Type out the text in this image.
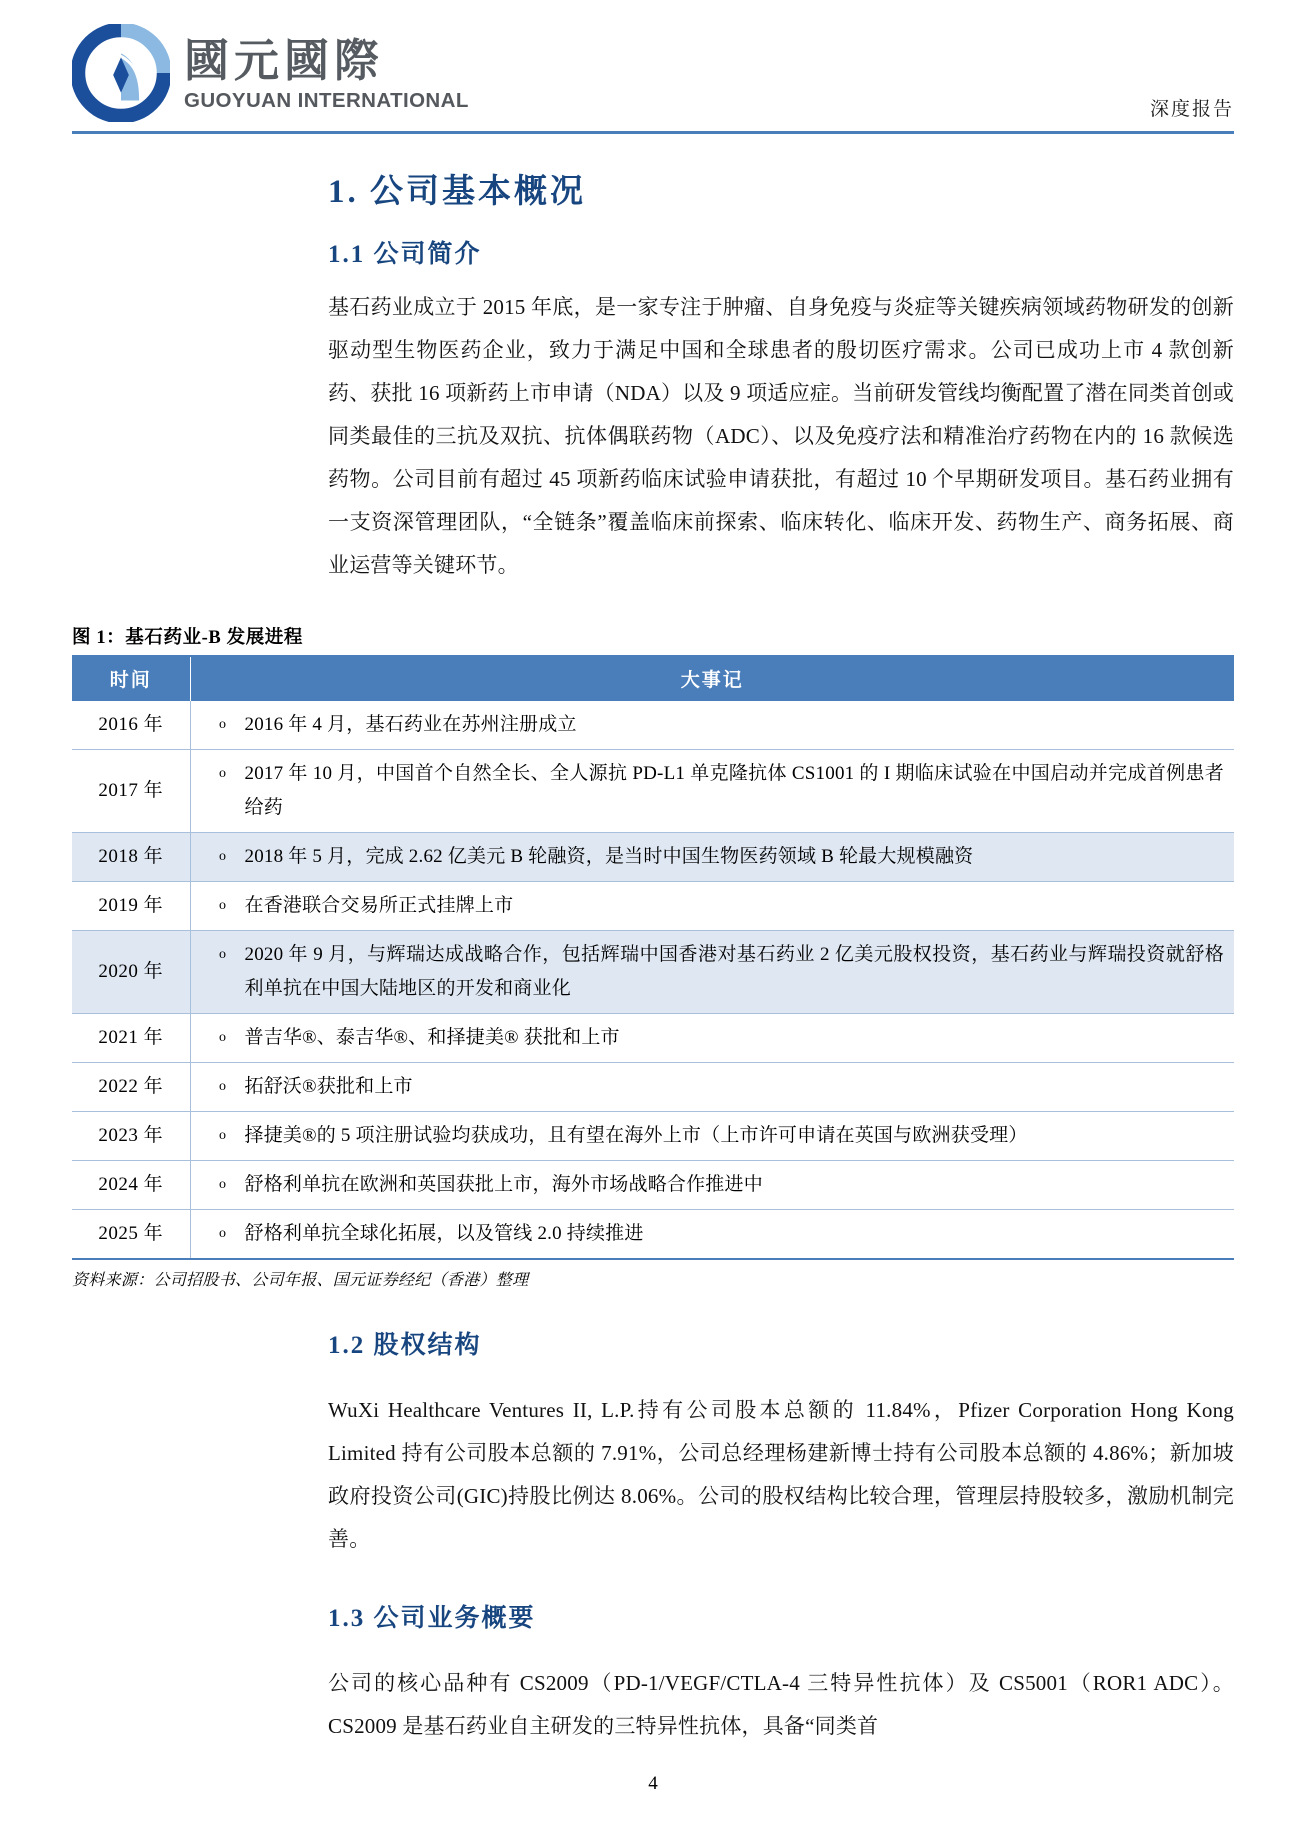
國元國際
GUOYUAN INTERNATIONAL	深度报告
1. 公司基本概况
1.1 公司简介

基石药业成立于 2015 年底，是一家专注于肿瘤、自身免疫与炎症等关键疾病领域药物研发的创新驱动型生物医药企业，致力于满足中国和全球患者的殷切医疗需求。公司已成功上市 4 款创新药、获批 16 项新药上市申请（NDA）以及 9 项适应症。当前研发管线均衡配置了潜在同类首创或同类最佳的三抗及双抗、抗体偶联药物（ADC）、以及免疫疗法和精准治疗药物在内的 16 款候选药物。公司目前有超过 45 项新药临床试验申请获批，有超过 10 个早期研发项目。基石药业拥有一支资深管理团队，“全链条”覆盖临床前探索、临床转化、临床开发、药物生产、商务拓展、商业运营等关键环节。

图 1：基石药业-B 发展进程
时间	大事记
2016 年	o 2016 年 4 月，基石药业在苏州注册成立

2017 年	o 2017 年 10 月，中国首个自然全长、全人源抗 PD-L1 单克隆抗体 CS1001 的 I 期临床试验在中国启动并完成首例患者给药

2018 年	o 2018 年 5 月，完成 2.62 亿美元 B 轮融资，是当时中国生物医药领域 B 轮最大规模融资

2019 年	o 在香港联合交易所正式挂牌上市

2020 年	o 2020 年 9 月，与辉瑞达成战略合作，包括辉瑞中国香港对基石药业 2 亿美元股权投资，基石药业与辉瑞投资就舒格利单抗在中国大陆地区的开发和商业化

2021 年	o 普吉华®、泰吉华®、和择捷美® 获批和上市

2022 年	o 拓舒沃®获批和上市

2023 年	o 择捷美®的 5 项注册试验均获成功，且有望在海外上市（上市许可申请在英国与欧洲获受理）

2024 年	o 舒格利单抗在欧洲和英国获批上市，海外市场战略合作推进中

2025 年	o 舒格利单抗全球化拓展，以及管线 2.0 持续推进
资料来源：公司招股书、公司年报、国元证券经纪（香港）整理
1.2 股权结构

WuXi Healthcare Ventures II, L.P.持有公司股本总额的 11.84%，Pfizer Corporation Hong Kong Limited 持有公司股本总额的 7.91%，公司总经理杨建新博士持有公司股本总额的 4.86%；新加坡政府投资公司(GIC)持股比例达 8.06%。公司的股权结构比较合理，管理层持股较多，激励机制完善。

1.3 公司业务概要

公司的核心品种有 CS2009（PD-1/VEGF/CTLA-4 三特异性抗体）及 CS5001（ROR1 ADC）。CS2009 是基石药业自主研发的三特异性抗体，具备“同类首

4
